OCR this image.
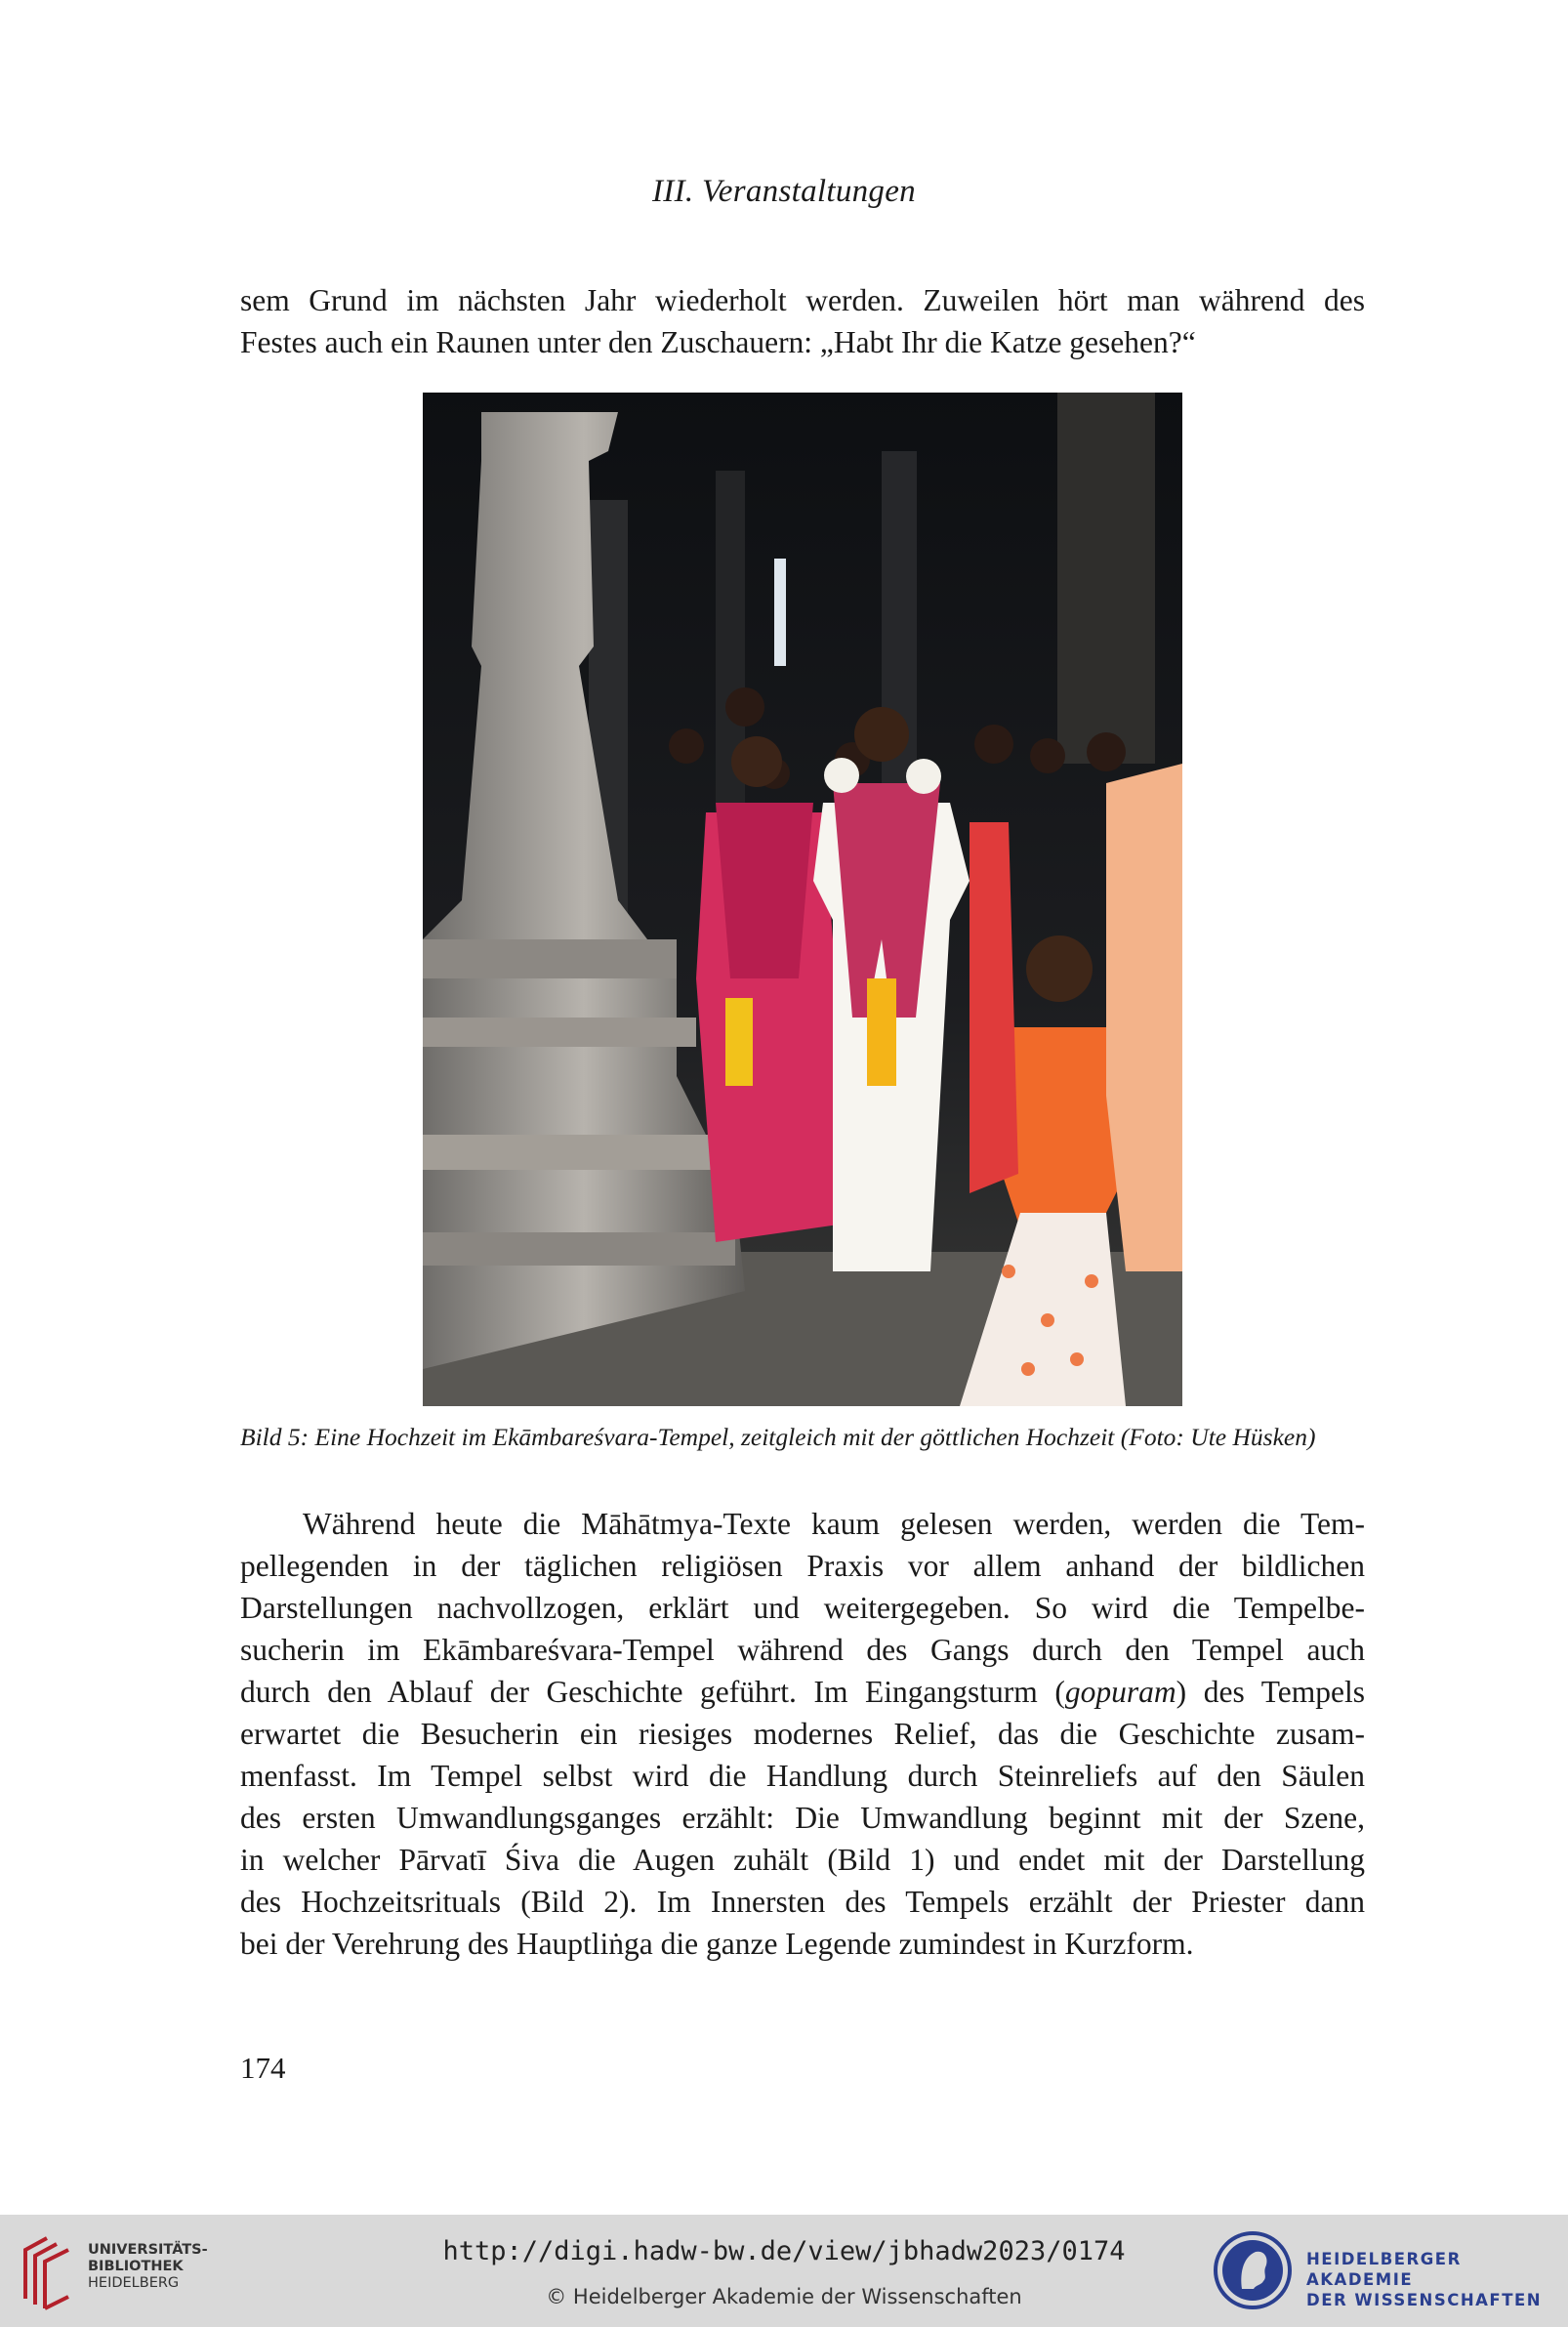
III. Veranstaltungen
sem Grund im nächsten Jahr wiederholt werden. Zuweilen hört man während des
Festes auch ein Raunen unter den Zuschauern: „Habt Ihr die Katze gesehen?“
Bild 5: Eine Hochzeit im Ekāmbareśvara-Tempel, zeitgleich mit der göttlichen Hochzeit (Foto: Ute Hüsken)
Während heute die Māhātmya-Texte kaum gelesen werden, werden die Tem-
pellegenden in der täglichen religiösen Praxis vor allem anhand der bildlichen
Darstellungen nachvollzogen, erklärt und weitergegeben. So wird die Tempelbe-
sucherin im Ekāmbareśvara-Tempel während des Gangs durch den Tempel auch
durch den Ablauf der Geschichte geführt. Im Eingangsturm (gopuram) des Tempels
erwartet die Besucherin ein riesiges modernes Relief, das die Geschichte zusam-
menfasst. Im Tempel selbst wird die Handlung durch Steinreliefs auf den Säulen
des ersten Umwandlungsganges erzählt: Die Umwandlung beginnt mit der Szene,
in welcher Pārvatī Śiva die Augen zuhält (Bild 1) und endet mit der Darstellung
des Hochzeitsrituals (Bild 2). Im Innersten des Tempels erzählt der Priester dann
bei der Verehrung des Hauptliṅga die ganze Legende zumindest in Kurzform.
174
UNIVERSITÄTS-
BIBLIOTHEK
HEIDELBERG
http://digi.hadw-bw.de/view/jbhadw2023/0174
© Heidelberger Akademie der Wissenschaften
HEIDELBERGER AKADEMIE
DER WISSENSCHAFTEN
